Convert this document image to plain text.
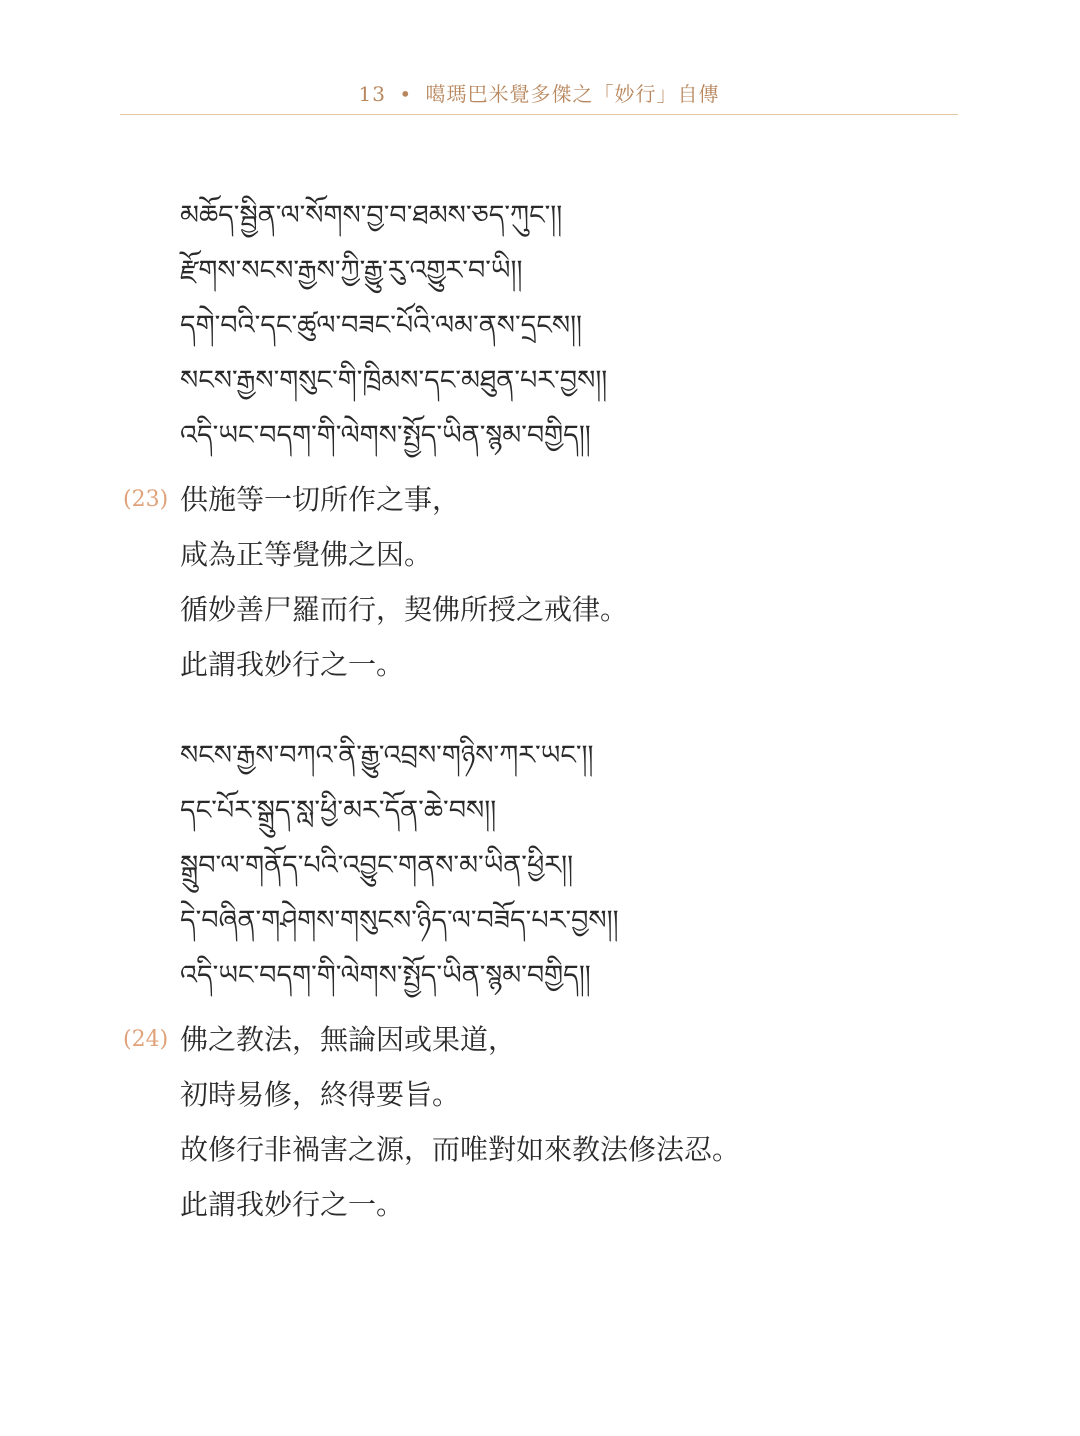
13 • 噶瑪巴米覺多傑之「妙行」自傳
མཆོད་སྦྱིན་ལ་སོགས་བྱ་བ་ཐམས་ཅད་ཀུང་།།
རྫོགས་སངས་རྒྱས་ཀྱི་རྒྱུ་རུ་འགྱུར་བ་ཡི།།
དགེ་བའི་དང་ཚུལ་བཟང་པོའི་ལམ་ནས་དྲངས།།
སངས་རྒྱས་གསུང་གི་ཁྲིམས་དང་མཐུན་པར་བྱས།།
འདི་ཡང་བདག་གི་ལེགས་སྤྱོད་ཡིན་སྙམ་བགྱིད།།
(23) 供施等一切所作之事，
咸為正等覺佛之因。
循妙善尸羅而行，契佛所授之戒律。
此謂我妙行之一。
སངས་རྒྱས་བཀའ་ནི་རྒྱུ་འབྲས་གཉིས་ཀར་ཡང་།།
དང་པོར་སྒྲུད་སླ་ཕྱི་མར་དོན་ཆེ་བས།།
སྒྲུབ་ལ་གནོད་པའི་འབྱུང་གནས་མ་ཡིན་ཕྱིར།།
དེ་བཞིན་གཤེགས་གསུངས་ཉིད་ལ་བཟོད་པར་བྱས།།
འདི་ཡང་བདག་གི་ལེགས་སྤྱོད་ཡིན་སྙམ་བགྱིད།།
(24) 佛之教法，無論因或果道，
初時易修，終得要旨。
故修行非禍害之源，而唯對如來教法修法忍。
此謂我妙行之一。
